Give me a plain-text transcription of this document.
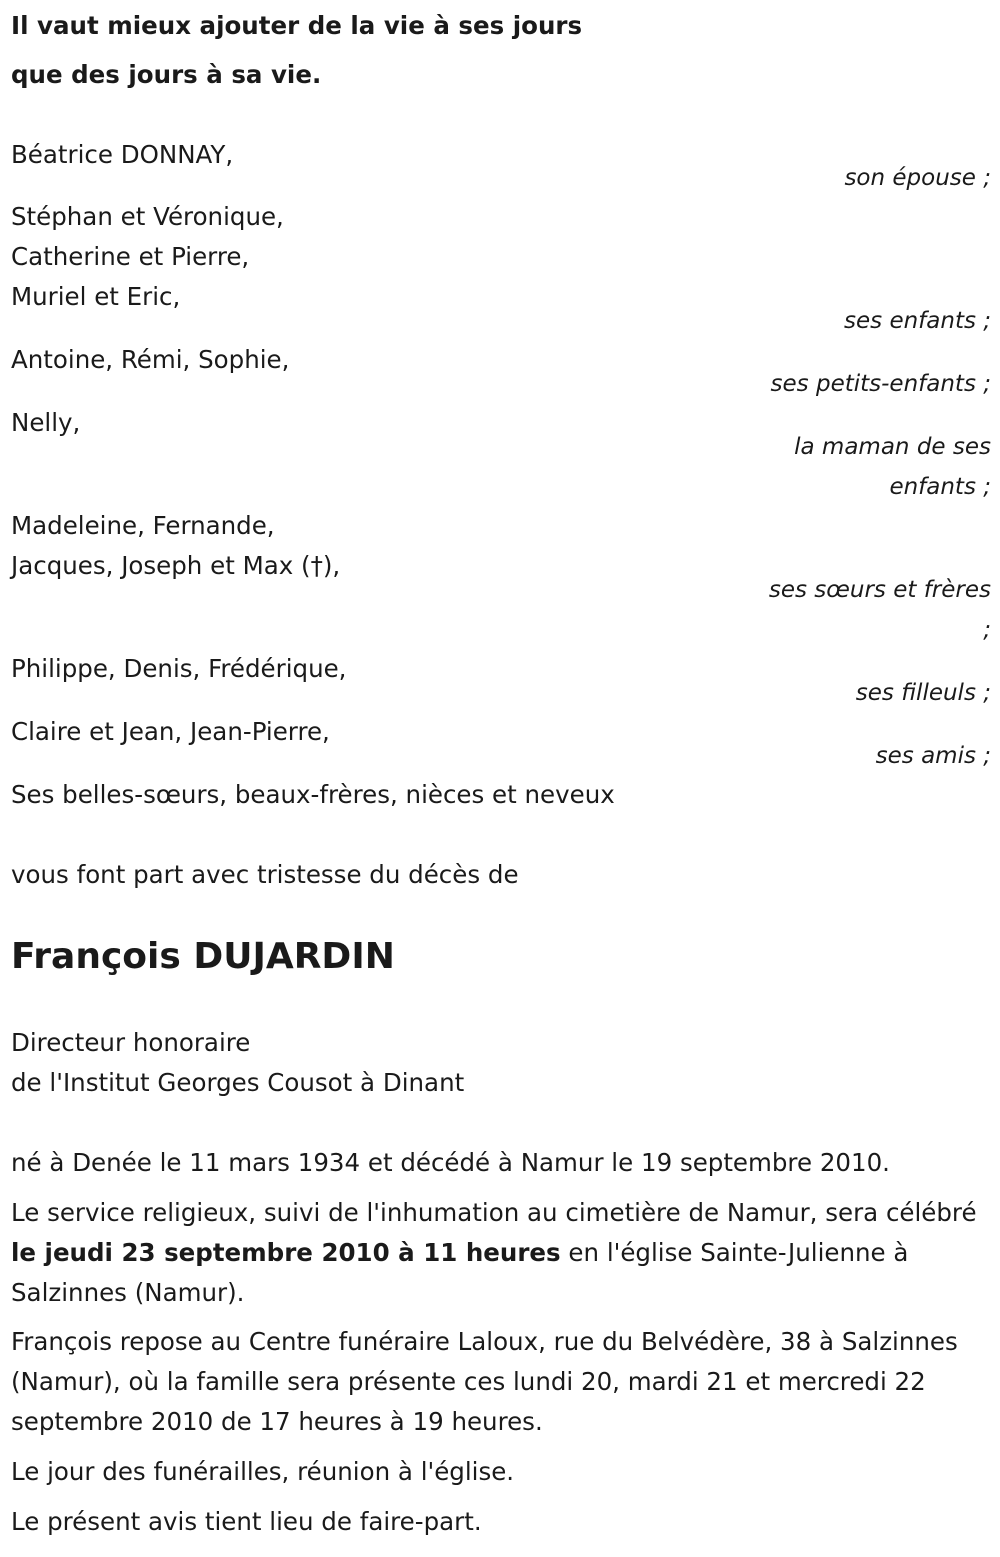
Il vaut mieux ajouter de la vie à ses jours
que des jours à sa vie.
Béatrice DONNAY,
son épouse ;
Stéphan et Véronique,
Catherine et Pierre,
Muriel et Eric,
ses enfants ;
Antoine, Rémi, Sophie,
ses petits-enfants ;
Nelly,
la maman de ses
enfants ;
Madeleine, Fernande,
Jacques, Joseph et Max (†),
ses sœurs et frères
;
Philippe, Denis, Frédérique,
ses filleuls ;
Claire et Jean, Jean-Pierre,
ses amis ;
Ses belles-sœurs, beaux-frères, nièces et neveux
vous font part avec tristesse du décès de
François DUJARDIN
Directeur honoraire
de l'Institut Georges Cousot à Dinant
né à Denée le 11 mars 1934 et décédé à Namur le 19 septembre 2010.
Le service religieux, suivi de l'inhumation au cimetière de Namur, sera célébré le jeudi 23 septembre 2010 à 11 heures en l'église Sainte-Julienne à Salzinnes (Namur).
François repose au Centre funéraire Laloux, rue du Belvédère, 38 à Salzinnes (Namur), où la famille sera présente ces lundi 20, mardi 21 et mercredi 22 septembre 2010 de 17 heures à 19 heures.
Le jour des funérailles, réunion à l'église.
Le présent avis tient lieu de faire-part.
